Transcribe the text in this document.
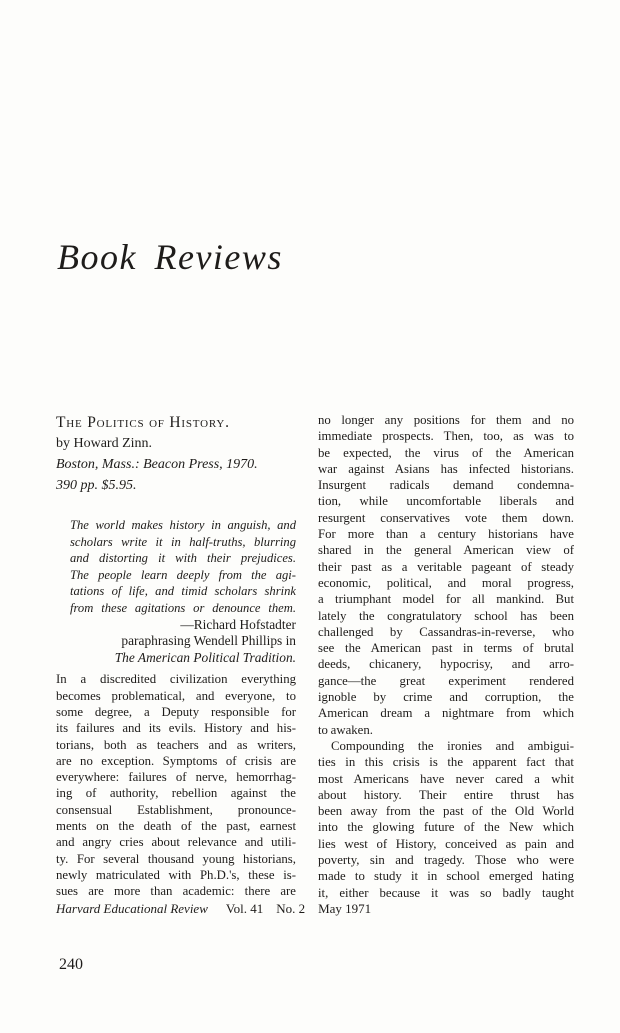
Book Reviews
The Politics of History.
by Howard Zinn.
Boston, Mass.: Beacon Press, 1970.
390 pp. $5.95.
The world makes history in anguish, and
scholars write it in half-truths, blurring
and distorting it with their prejudices.
The people learn deeply from the agi-
tations of life, and timid scholars shrink
from these agitations or denounce them.
—Richard Hofstadter
paraphrasing Wendell Phillips in
The American Political Tradition.
In a discredited civilization everything
becomes problematical, and everyone, to
some degree, a Deputy responsible for
its failures and its evils. History and his-
torians, both as teachers and as writers,
are no exception. Symptoms of crisis are
everywhere: failures of nerve, hemorrhag-
ing of authority, rebellion against the
consensual Establishment, pronounce-
ments on the death of the past, earnest
and angry cries about relevance and utili-
ty. For several thousand young historians,
newly matriculated with Ph.D.'s, these is-
sues are more than academic: there are
no longer any positions for them and no
immediate prospects. Then, too, as was to
be expected, the virus of the American
war against Asians has infected historians.
Insurgent radicals demand condemna-
tion, while uncomfortable liberals and
resurgent conservatives vote them down.
For more than a century historians have
shared in the general American view of
their past as a veritable pageant of steady
economic, political, and moral progress,
a triumphant model for all mankind. But
lately the congratulatory school has been
challenged by Cassandras-in-reverse, who
see the American past in terms of brutal
deeds, chicanery, hypocrisy, and arro-
gance—the great experiment rendered
ignoble by crime and corruption, the
American dream a nightmare from which
to awaken.
Compounding the ironies and ambigui-
ties in this crisis is the apparent fact that
most Americans have never cared a whit
about history. Their entire thrust has
been away from the past of the Old World
into the glowing future of the New which
lies west of History, conceived as pain and
poverty, sin and tragedy. Those who were
made to study it in school emerged hating
it, either because it was so badly taught
Harvard Educational Review Vol. 41 No. 2 May 1971
240
